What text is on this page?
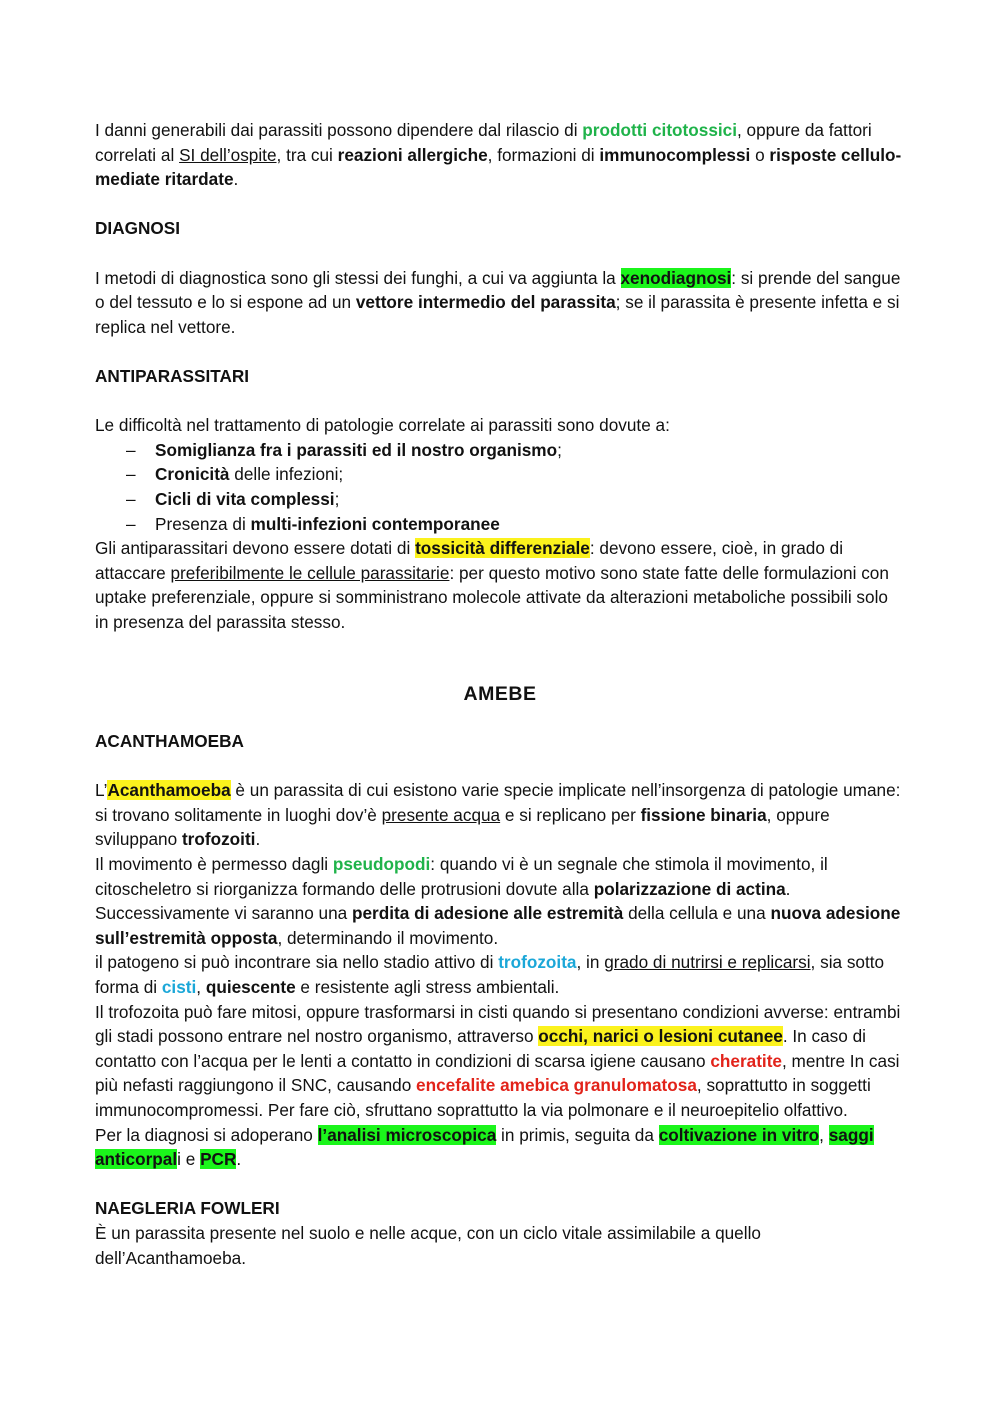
I danni generabili dai parassiti possono dipendere dal rilascio di prodotti citotossici, oppure da fattori correlati al SI dell’ospite, tra cui reazioni allergiche, formazioni di immunocomplessi o risposte cellulo-mediate ritardate.

DIAGNOSI

I metodi di diagnostica sono gli stessi dei funghi, a cui va aggiunta la xenodiagnosi: si prende del sangue o del tessuto e lo si espone ad un vettore intermedio del parassita; se il parassita è presente infetta e si replica nel vettore.

ANTIPARASSITARI

Le difficoltà nel trattamento di patologie correlate ai parassiti sono dovute a:

– Somiglianza fra i parassiti ed il nostro organismo;
– Cronicità delle infezioni;
– Cicli di vita complessi;
– Presenza di multi-infezioni contemporanee

Gli antiparassitari devono essere dotati di tossicità differenziale: devono essere, cioè, in grado di attaccare preferibilmente le cellule parassitarie: per questo motivo sono state fatte delle formulazioni con uptake preferenziale, oppure si somministrano molecole attivate da alterazioni metaboliche possibili solo in presenza del parassita stesso.

AMEBE

ACANTHAMOEBA

L’Acanthamoeba è un parassita di cui esistono varie specie implicate nell’insorgenza di patologie umane: si trovano solitamente in luoghi dov’è presente acqua e si replicano per fissione binaria, oppure sviluppano trofozoiti.

Il movimento è permesso dagli pseudopodi: quando vi è un segnale che stimola il movimento, il citoscheletro si riorganizza formando delle protrusioni dovute alla polarizzazione di actina.

Successivamente vi saranno una perdita di adesione alle estremità della cellula e una nuova adesione sull’estremità opposta, determinando il movimento.

il patogeno si può incontrare sia nello stadio attivo di trofozoita, in grado di nutrirsi e replicarsi, sia sotto forma di cisti, quiescente e resistente agli stress ambientali.

Il trofozoita può fare mitosi, oppure trasformarsi in cisti quando si presentano condizioni avverse: entrambi gli stadi possono entrare nel nostro organismo, attraverso occhi, narici o lesioni cutanee. In caso di contatto con l’acqua per le lenti a contatto in condizioni di scarsa igiene causano cheratite, mentre In casi più nefasti raggiungono il SNC, causando encefalite amebica granulomatosa, soprattutto in soggetti immunocompromessi. Per fare ciò, sfruttano soprattutto la via polmonare e il neuroepitelio olfattivo.

Per la diagnosi si adoperano l’analisi microscopica in primis, seguita da coltivazione in vitro, saggi anticorpali e PCR.

NAEGLERIA FOWLERI

È un parassita presente nel suolo e nelle acque, con un ciclo vitale assimilabile a quello dell’Acanthamoeba.
